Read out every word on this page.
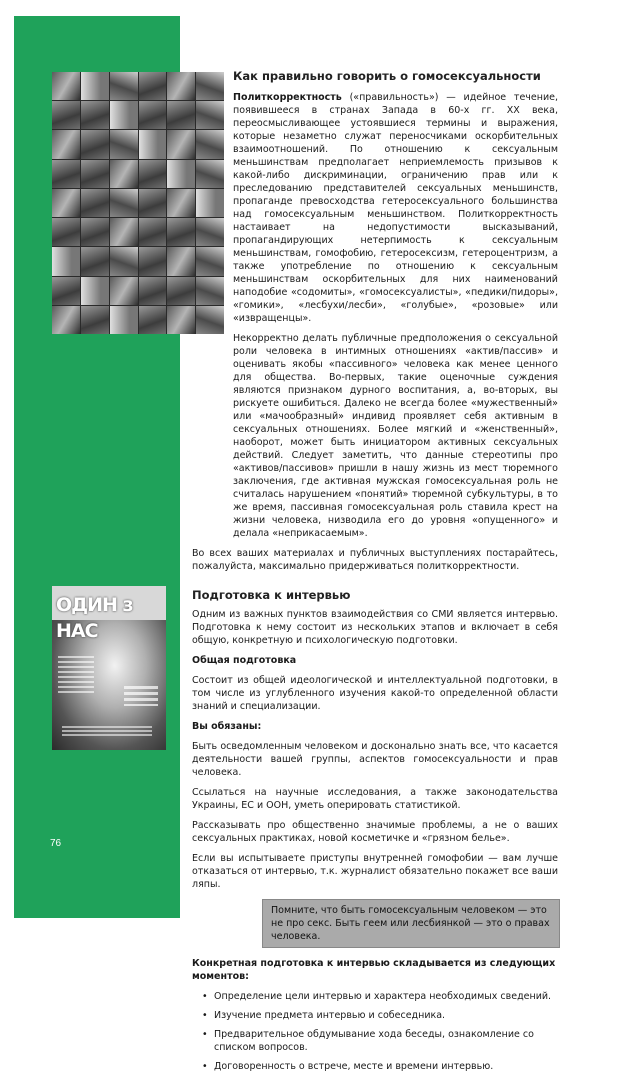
76
ОДИН з НАС
Как правильно говорить о гомосексуальности

Политкорректность («правильность») — идейное течение, появившееся в странах Запада в 60-х гг. XX века, переосмысливающее устоявшиеся термины и выражения, которые незаметно служат переносчиками оскорбительных взаимоотношений. По отношению к сексуальным меньшинствам предполагает неприемлемость призывов к какой-либо дискриминации, ограничению прав или к преследованию представителей сексуальных меньшинств, пропаганде превосходства гетеросексуального большинства над гомосексуальным меньшинством. Политкорректность настаивает на недопустимости высказываний, пропагандирующих нетерпимость к сексуальным меньшинствам, гомофобию, гетеросексизм, гетероцентризм, а также употребление по отношению к сексуальным меньшинствам оскорбительных для них наименований наподобие «содомиты», «гомосексуалисты», «педики/пидоры», «гомики», «лесбухи/лесби», «голубые», «розовые» или «извращенцы».

Некорректно делать публичные предположения о сексуальной роли человека в интимных отношениях «актив/пассив» и оценивать якобы «пассивного» человека как менее ценного для общества. Во-первых, такие оценочные суждения являются признаком дурного воспитания, а, во-вторых, вы рискуете ошибиться. Далеко не всегда более «мужественный» или «мачообразный» индивид проявляет себя активным в сексуальных отношениях. Более мягкий и «женственный», наоборот, может быть инициатором активных сексуальных действий. Следует заметить, что данные стереотипы про «активов/пассивов» пришли в нашу жизнь из мест тюремного заключения, где активная мужская гомосексуальная роль не считалась нарушением «понятий» тюремной субкультуры, в то же время, пассивная гомосексуальная роль ставила крест на жизни человека, низводила его до уровня «опущенного» и делала «неприкасаемым».

Во всех ваших материалах и публичных выступлениях постарайтесь, пожалуйста, максимально придерживаться политкорректности.

Подготовка к интервью

Одним из важных пунктов взаимодействия со СМИ является интервью. Подготовка к нему состоит из нескольких этапов и включает в себя общую, конкретную и психологическую подготовки.

Общая подготовка

Состоит из общей идеологической и интеллектуальной подготовки, в том числе из углубленного изучения какой-то определенной области знаний и специализации.

Вы обязаны:

Быть осведомленным человеком и досконально знать все, что касается деятельности вашей группы, аспектов гомосексуальности и прав человека.

Ссылаться на научные исследования, а также законодательства Украины, ЕС и ООН, уметь оперировать статистикой.

Рассказывать про общественно значимые проблемы, а не о ваших сексуальных практиках, новой косметичке и «грязном белье».

Если вы испытываете приступы внутренней гомофобии — вам лучше отказаться от интервью, т.к. журналист обязательно покажет все ваши ляпы.

Помните, что быть гомосексуальным человеком — это не про секс. Быть геем или лесбиянкой — это о правах человека.
Конкретная подготовка к интервью складывается из следующих моментов:
• Определение цели интервью и характера необходимых сведений.
• Изучение предмета интервью и собеседника.
• Предварительное обдумывание хода беседы, ознакомление со списком вопросов.
• Договоренность о встрече, месте и времени интервью.
